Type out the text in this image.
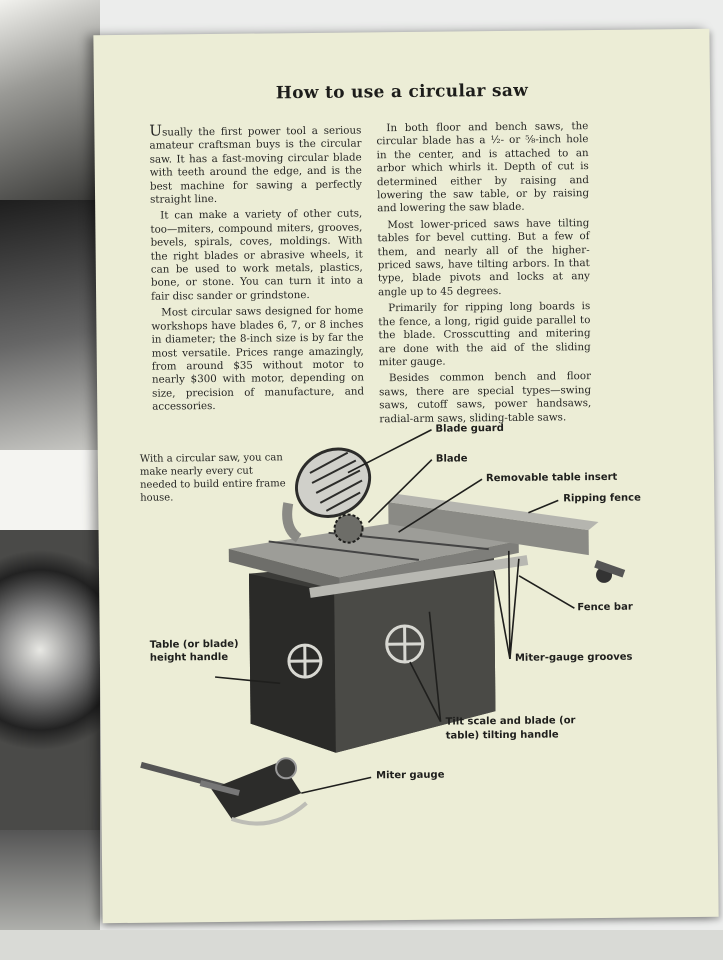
How to use a circular saw

Usually the first power tool a serious amateur craftsman buys is the circular saw. It has a fast-moving circular blade with teeth around the edge, and is the best machine for sawing a perfectly straight line.

It can make a variety of other cuts, too—miters, compound miters, grooves, bevels, spirals, coves, moldings. With the right blades or abrasive wheels, it can be used to work metals, plastics, bone, or stone. You can turn it into a fair disc sander or grindstone.

Most circular saws designed for home workshops have blades 6, 7, or 8 inches in diameter; the 8-inch size is by far the most versatile. Prices range amazingly, from around $35 without motor to nearly $300 with motor, depending on size, precision of manufacture, and accessories.

In both floor and bench saws, the circular blade has a ½- or ⅝-inch hole in the center, and is attached to an arbor which whirls it. Depth of cut is determined either by raising and lowering the saw table, or by raising and lowering the saw blade.

Most lower-priced saws have tilting tables for bevel cutting. But a few of them, and nearly all of the higher-priced saws, have tilting arbors. In that type, blade pivots and locks at any angle up to 45 degrees.

Primarily for ripping long boards is the fence, a long, rigid guide parallel to the blade. Crosscutting and mitering are done with the aid of the sliding miter gauge.

Besides common bench and floor saws, there are special types—swing saws, cutoff saws, power handsaws, radial-arm saws, sliding-table saws.

With a circular saw, you can make nearly every cut needed to build entire frame house.
Blade guard
Blade
Removable table insert
Ripping fence
Fence bar
Table (or blade) height handle	Miter-gauge grooves
Tilt scale and blade (or table) tilting handle
Miter gauge
